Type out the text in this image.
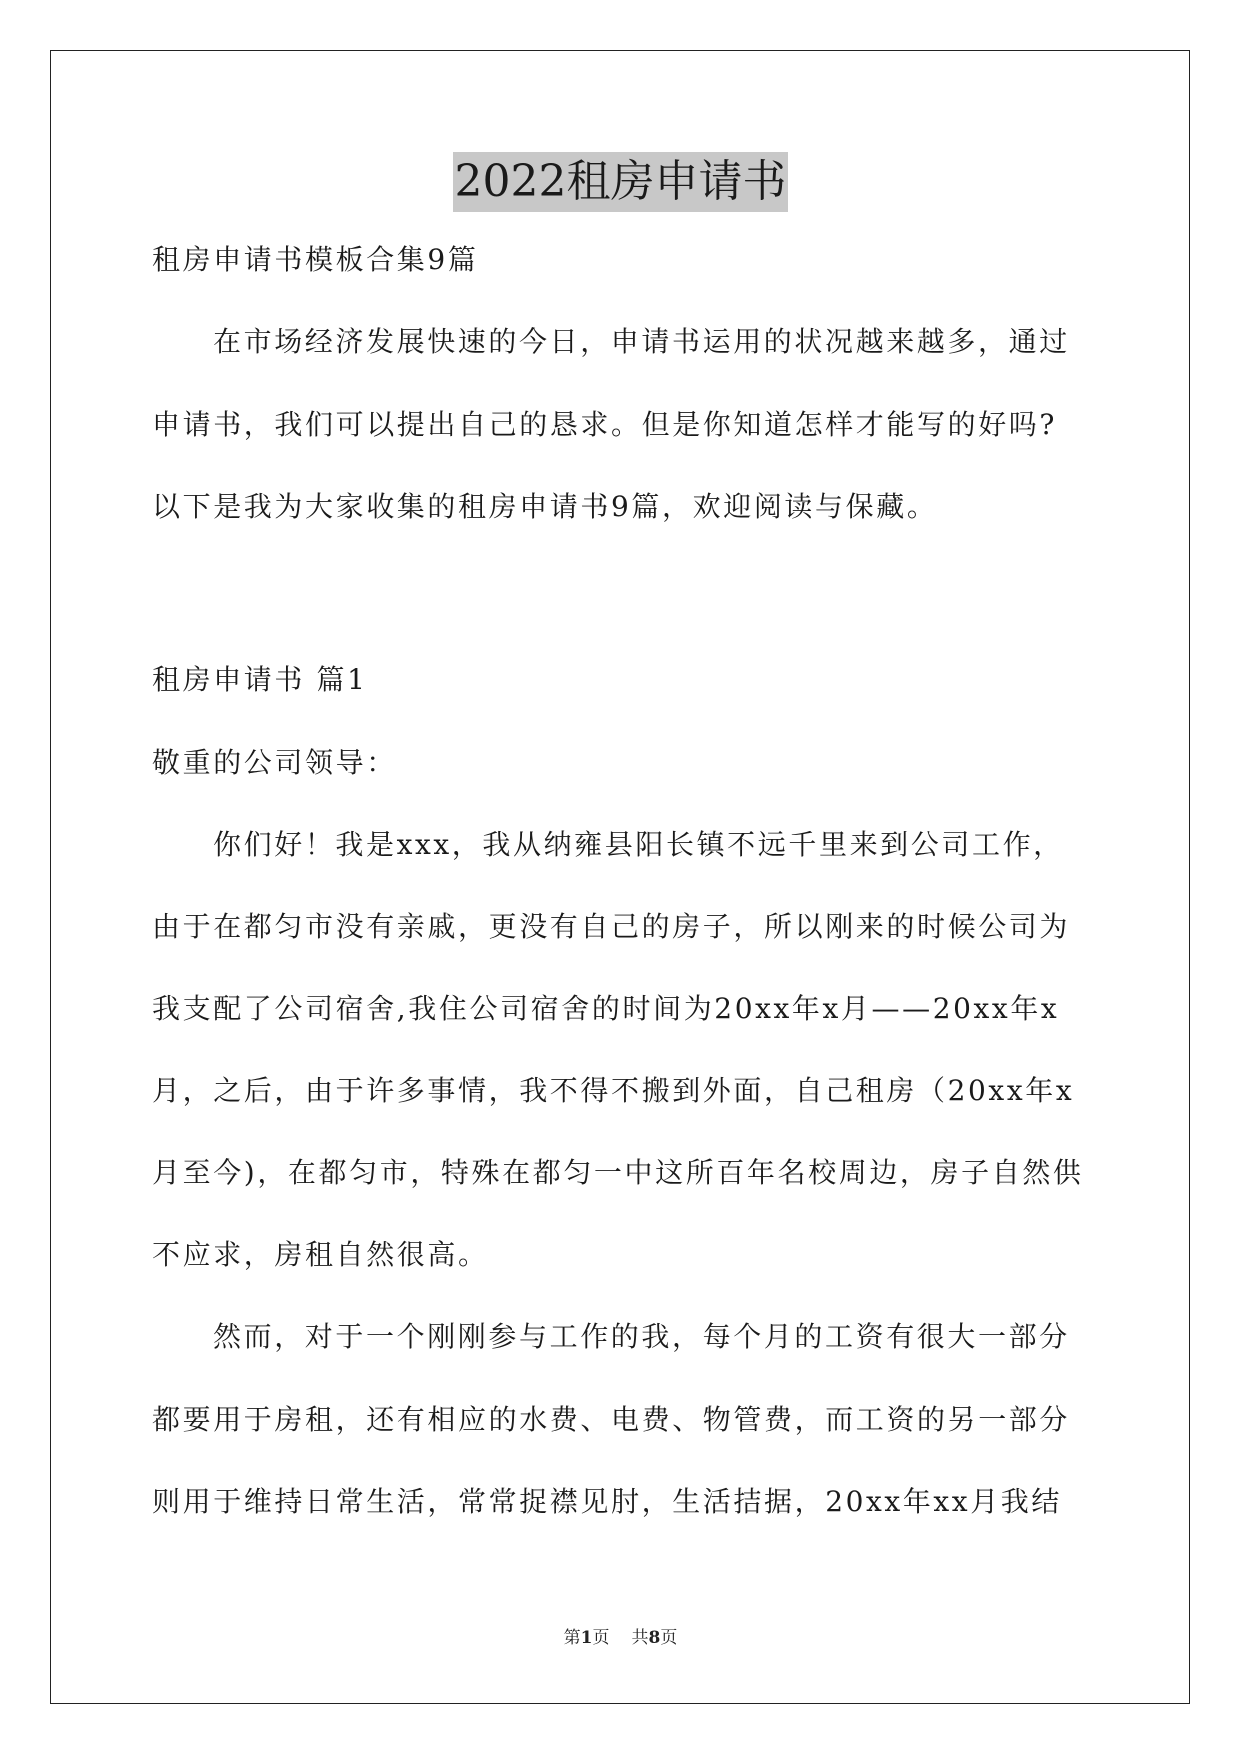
2022租房申请书
租房申请书模板合集9篇
在市场经济发展快速的今日，申请书运用的状况越来越多，通过
申请书，我们可以提出自己的恳求。但是你知道怎样才能写的好吗?
以下是我为大家收集的租房申请书9篇，欢迎阅读与保藏。
租房申请书 篇1
敬重的公司领导：
你们好！我是xxx，我从纳雍县阳长镇不远千里来到公司工作，
由于在都匀市没有亲戚，更没有自己的房子，所以刚来的时候公司为
我支配了公司宿舍,我住公司宿舍的时间为20xx年x月——20xx年x
月，之后，由于许多事情，我不得不搬到外面，自己租房（20xx年x
月至今)，在都匀市，特殊在都匀一中这所百年名校周边，房子自然供
不应求，房租自然很高。
然而，对于一个刚刚参与工作的我，每个月的工资有很大一部分
都要用于房租，还有相应的水费、电费、物管费，而工资的另一部分
则用于维持日常生活，常常捉襟见肘，生活拮据，20xx年xx月我结
第1页 共8页
